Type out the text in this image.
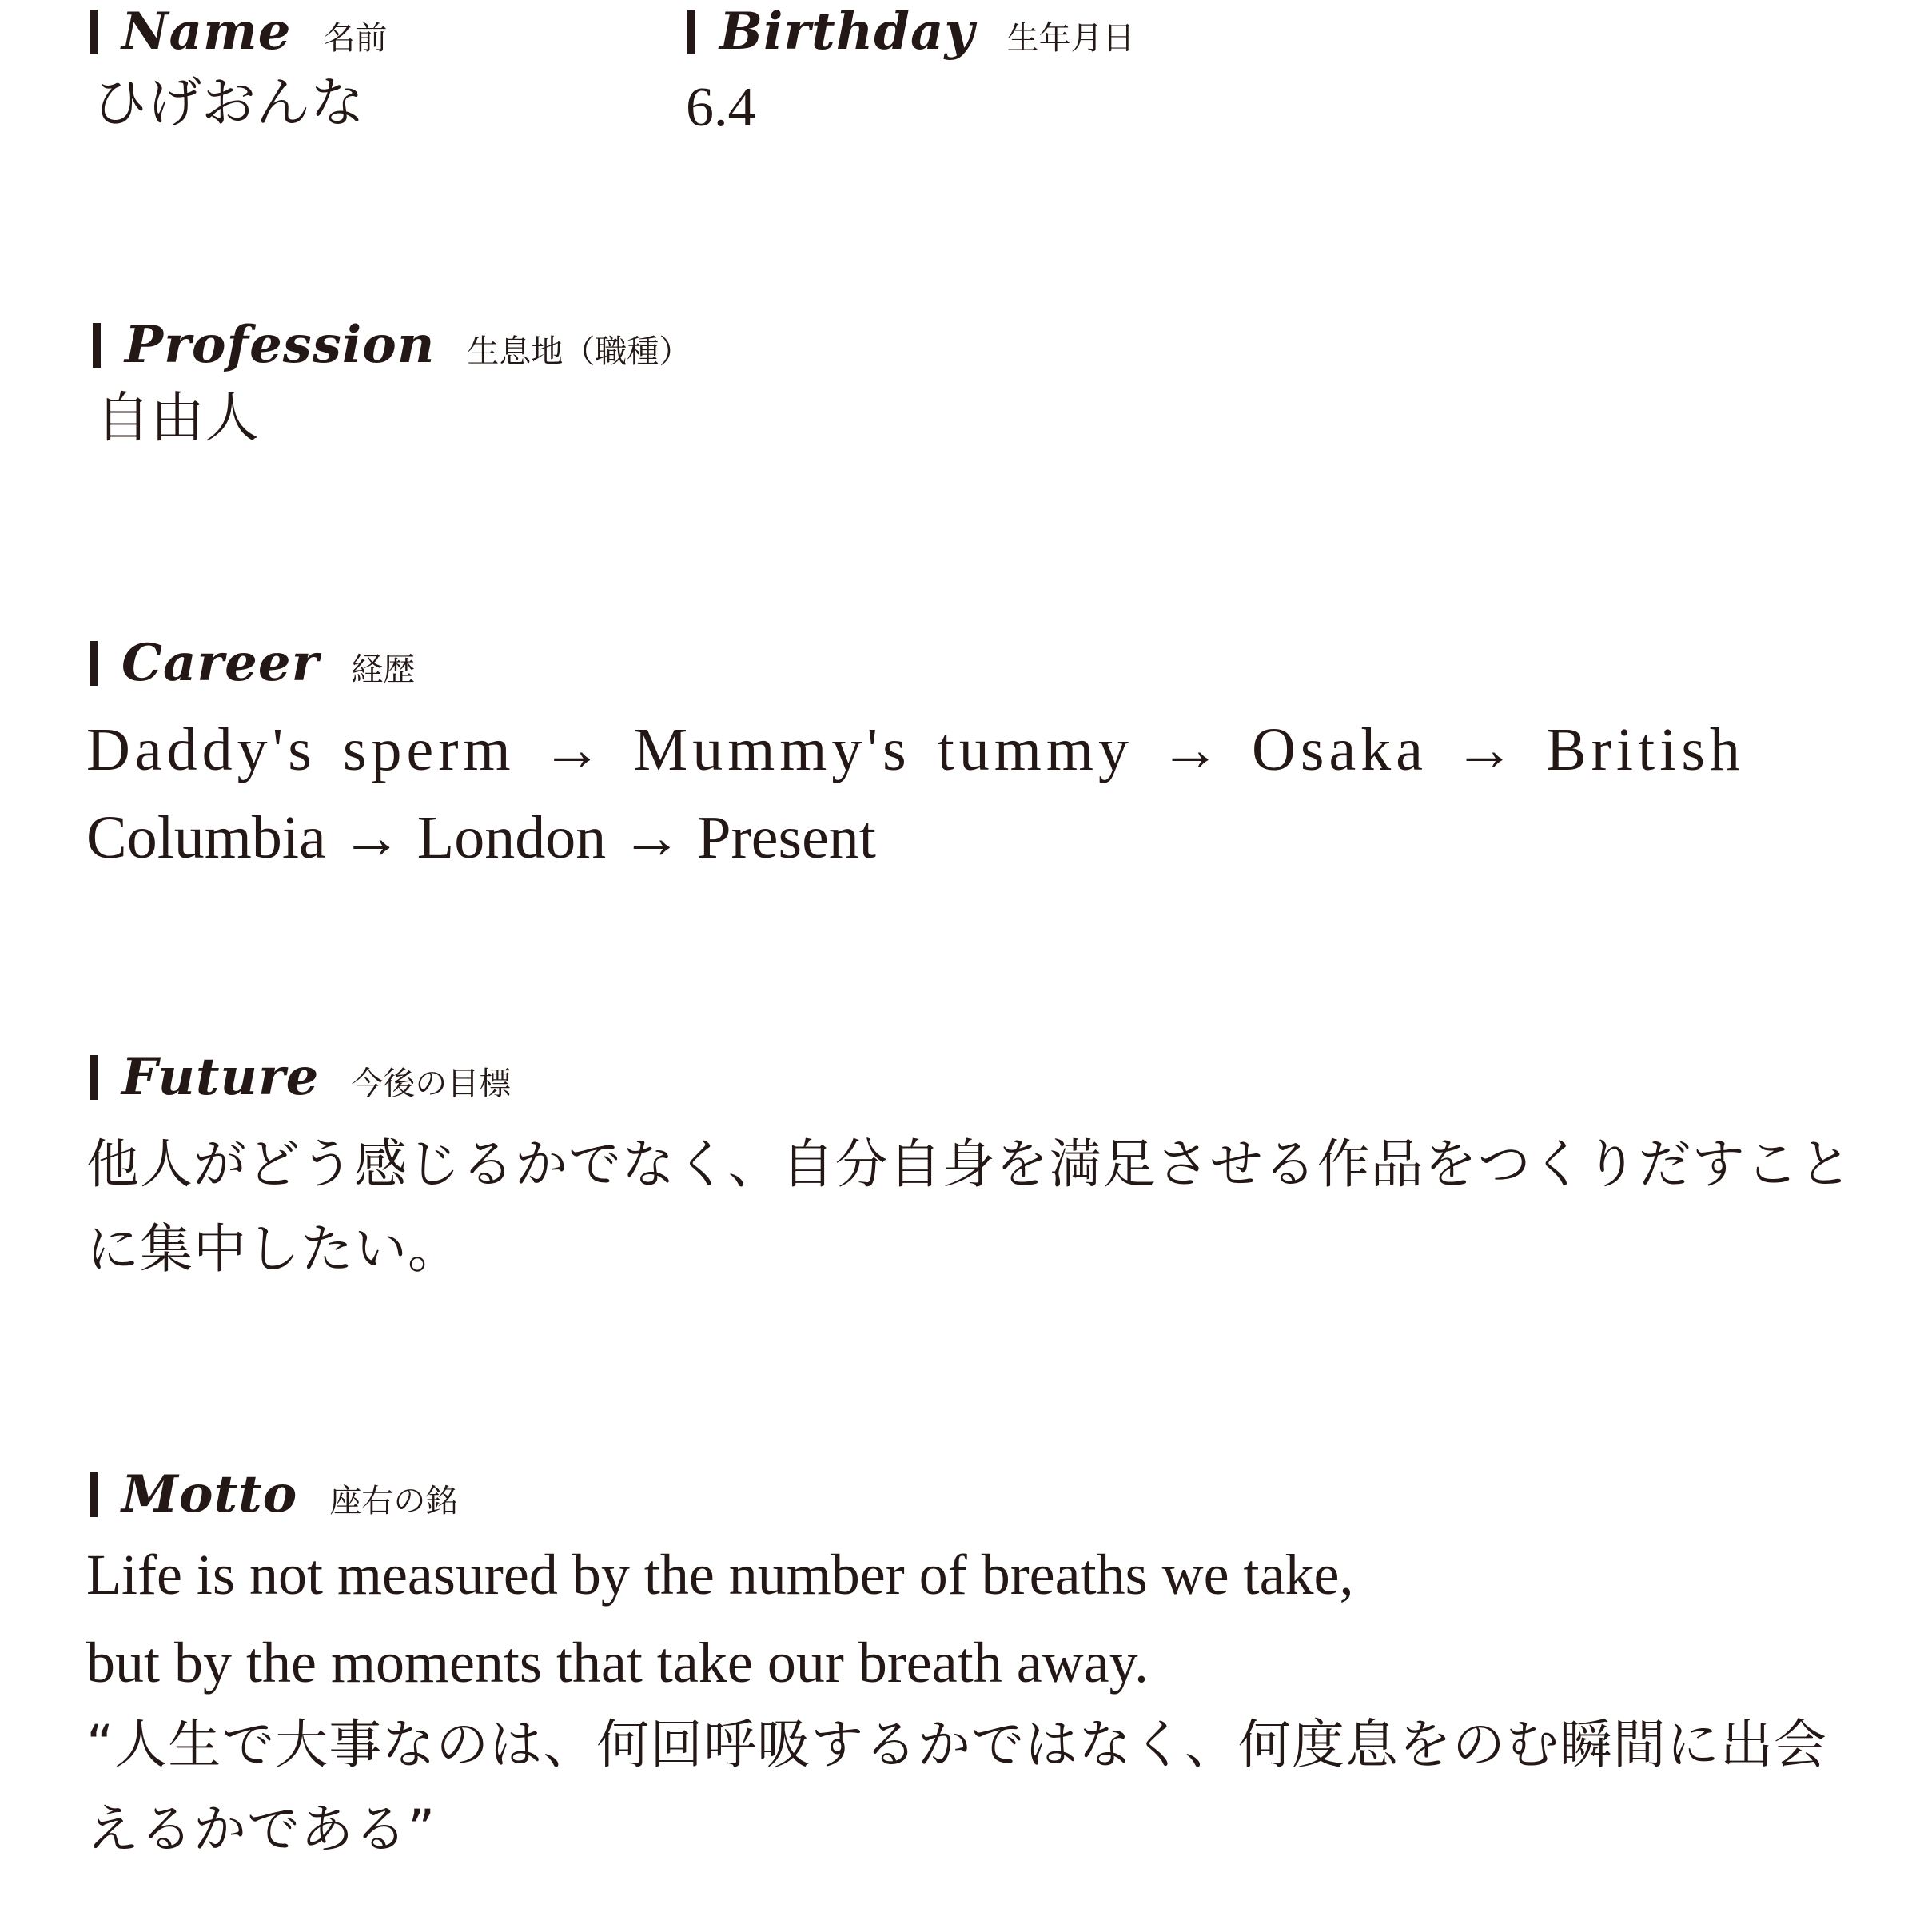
Name 名前
ひげおんな
Birthday 生年月日
6.4
Profession 生息地（職種）
自由人
Career 経歴
Daddy's sperm → Mummy's tummy → Osaka → British
Columbia → London → Present
Future 今後の目標
他人がどう感じるかでなく、自分自身を満足させる作品をつくりだすこと
に集中したい。
Motto 座右の銘
Life is not measured by the number of breaths we take,
but by the moments that take our breath away.
“人生で大事なのは、何回呼吸するかではなく、何度息をのむ瞬間に出会
えるかである”
